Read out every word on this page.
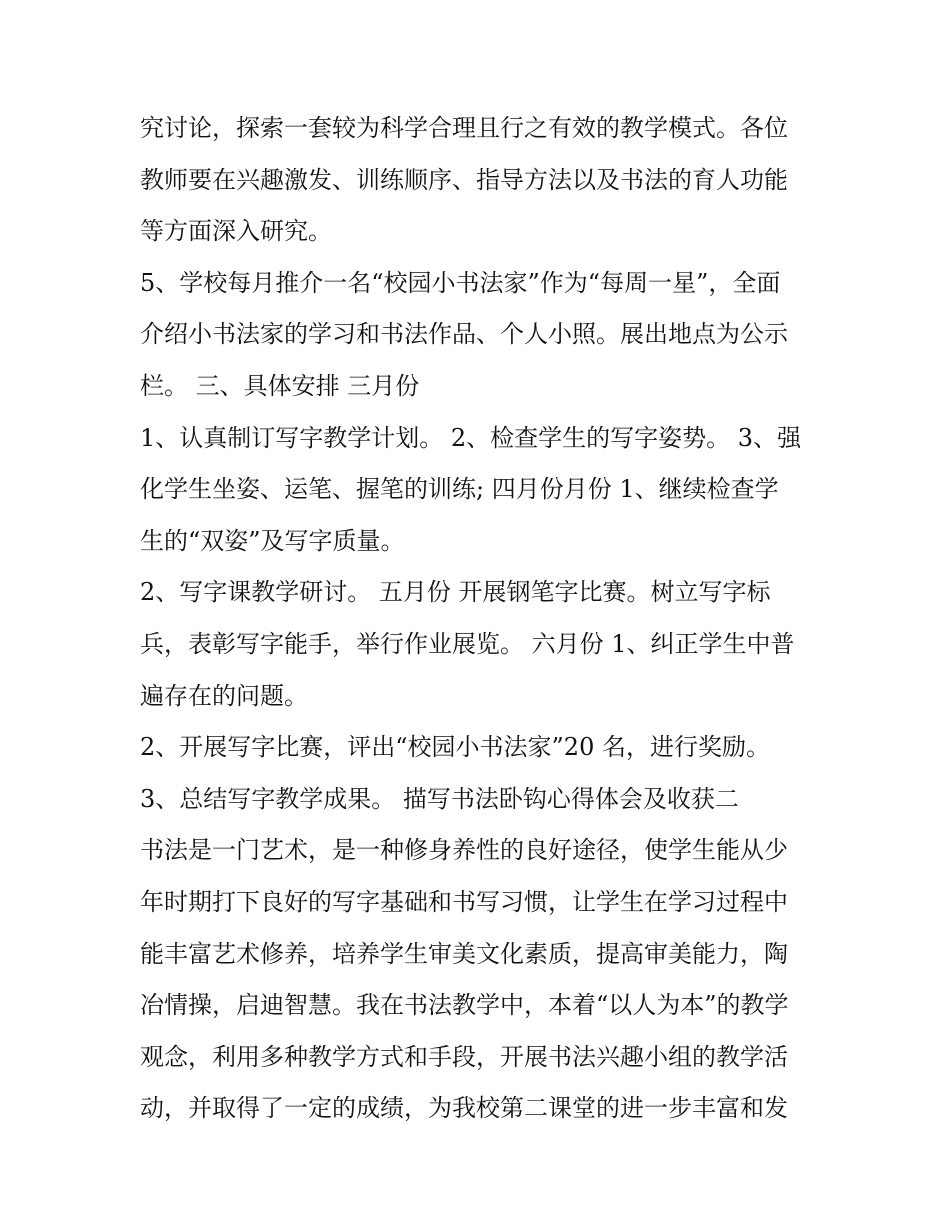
究讨论，探索一套较为科学合理且行之有效的教学模式。各位
教师要在兴趣激发、训练顺序、指导方法以及书法的育人功能
等方面深入研究。
5、学校每月推介一名“校园小书法家”作为“每周一星”，全面
介绍小书法家的学习和书法作品、个人小照。展出地点为公示
栏。 三、具体安排 三月份
1、认真制订写字教学计划。 2、检查学生的写字姿势。 3、强
化学生坐姿、运笔、握笔的训练; 四月份月份 1、继续检查学
生的“双姿”及写字质量。
2、写字课教学研讨。 五月份 开展钢笔字比赛。树立写字标
兵，表彰写字能手，举行作业展览。 六月份 1、纠正学生中普
遍存在的问题。
2、开展写字比赛，评出“校园小书法家”20 名，进行奖励。
3、总结写字教学成果。 描写书法卧钩心得体会及收获二
书法是一门艺术，是一种修身养性的良好途径，使学生能从少
年时期打下良好的写字基础和书写习惯，让学生在学习过程中
能丰富艺术修养，培养学生审美文化素质，提高审美能力，陶
冶情操，启迪智慧。我在书法教学中，本着“以人为本”的教学
观念，利用多种教学方式和手段，开展书法兴趣小组的教学活
动，并取得了一定的成绩，为我校第二课堂的进一步丰富和发
